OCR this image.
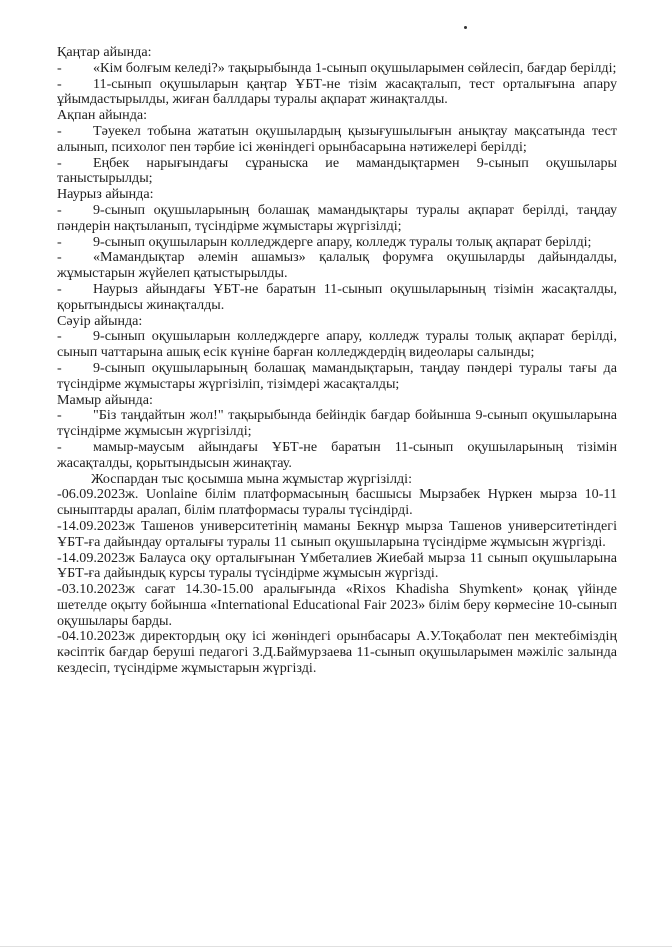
Қаңтар айында:

- «Кім болғым келеді?» тақырыбында 1-сынып оқушыларымен сөйлесіп, бағдар берілді;

- 11-сынып оқушыларын қаңтар ҰБТ-не тізім жасақталып, тест орталығына апару ұйымдастырылды, жиған баллдары туралы ақпарат жинақталды.

Ақпан айында:

- Тәуекел тобына жататын оқушылардың қызығушылығын анықтау мақсатында тест алынып, психолог пен тәрбие ісі жөніндегі орынбасарына нәтижелері берілді;

- Еңбек нарығындағы сұраныска ие мамандықтармен 9-сынып оқушылары таныстырылды;

Наурыз айында:

- 9-сынып оқушыларының болашақ мамандықтары туралы ақпарат берілді, таңдау пәндерін нақтыланып, түсіндірме жұмыстары жүргізілді;

- 9-сынып оқушыларын колледждерге апару, колледж туралы толық ақпарат берілді;

- «Мамандықтар әлемін ашамыз» қалалық форумға оқушыларды дайындалды, жұмыстарын жүйелеп қатыстырылды.

- Наурыз айындағы ҰБТ-не баратын 11-сынып оқушыларының тізімін жасақталды, қорытындысы жинақталды.

Сәуір айында:

- 9-сынып оқушыларын колледждерге апару, колледж туралы толық ақпарат берілді, сынып чаттарына ашық есік күніне барған колледждердің видеолары салынды;

- 9-сынып оқушыларының болашақ мамандықтарын, таңдау пәндері туралы тағы да түсіндірме жұмыстары жүргізіліп, тізімдері жасақталды;

Мамыр айында:

- "Біз таңдайтын жол!" тақырыбында бейіндік бағдар бойынша 9-сынып оқушыларына түсіндірме жұмысын жүргізілді;

- мамыр-маусым айындағы ҰБТ-не баратын 11-сынып оқушыларының тізімін жасақталды, қорытындысын жинақтау.

Жоспардан тыс қосымша мына жұмыстар жүргізілді:

-06.09.2023ж. Uonlaine білім платформасының басшысы Мырзабек Нүркен мырза 10-11 сыныптарды аралап, білім платформасы туралы түсіндірді.

-14.09.2023ж Ташенов университетінің маманы Бекнұр мырза Ташенов университетіндегі ҰБТ-ға дайындау орталығы туралы 11 сынып оқушыларына түсіндірме жұмысын жүргізді.

-14.09.2023ж Балауса оқу орталығынан Үмбеталиев Жиебай мырза 11 сынып оқушыларына ҰБТ-ға дайындық курсы туралы түсіндірме жұмысын жүргізді.

-03.10.2023ж сағат 14.30-15.00 аралығында «Rixos Khadisha Shymkent» қонақ үйінде шетелде оқыту бойынша «International Educational Fair 2023» білім беру көрмесіне 10-сынып оқушылары барды.

-04.10.2023ж директордың оқу ісі жөніндегі орынбасары А.У.Тоқаболат пен мектебіміздің кәсіптік бағдар беруші педагогі З.Д.Баймурзаева 11-сынып оқушыларымен мәжіліс залында кездесіп, түсіндірме жұмыстарын жүргізді.
